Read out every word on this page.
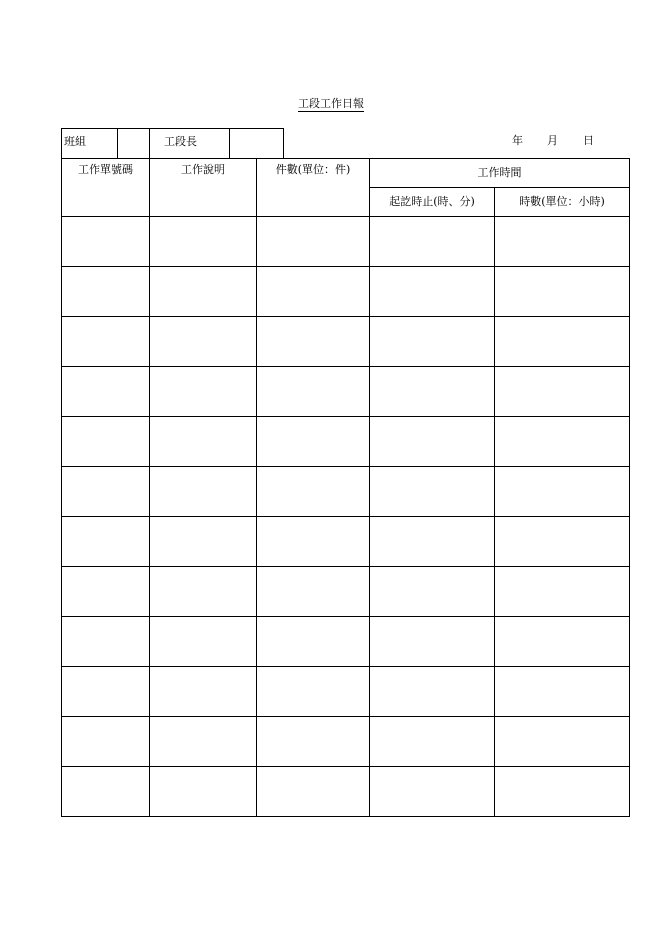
工段工作日報
班組	工段長	年 月 日
工作單號碼	工作說明	件數(單位：件)	工作時間	

			起訖時止(時、分)	時數(單位：小時)
